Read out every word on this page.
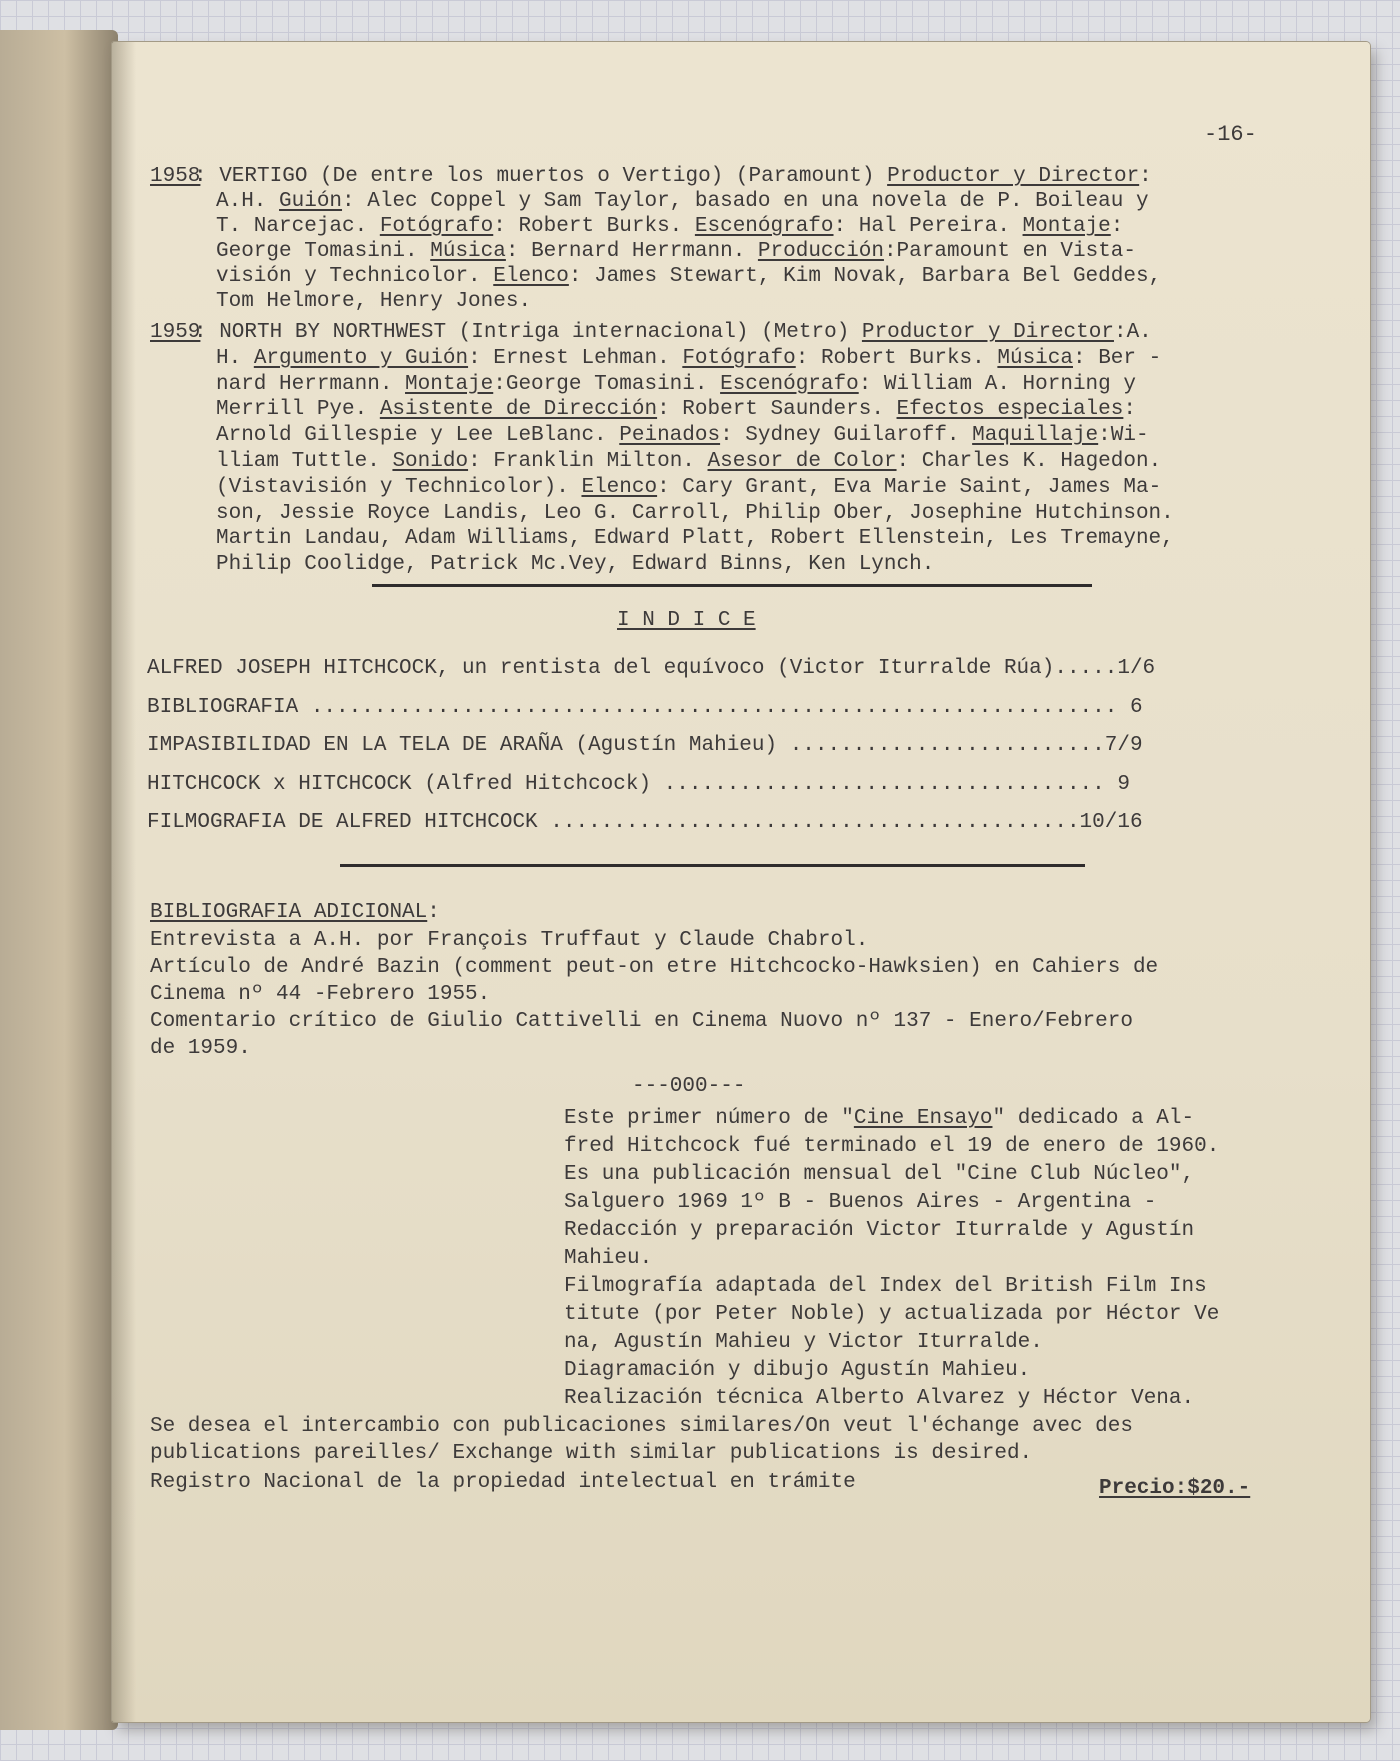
-16-
1958
: VERTIGO (De entre los muertos o Vertigo) (Paramount) Productor y Director:
A.H. Guión: Alec Coppel y Sam Taylor, basado en una novela de P. Boileau y
T. Narcejac. Fotógrafo: Robert Burks. Escenógrafo: Hal Pereira. Montaje:
George Tomasini. Música: Bernard Herrmann. Producción:Paramount en Vista-
visión y Technicolor. Elenco: James Stewart, Kim Novak, Barbara Bel Geddes,
Tom Helmore, Henry Jones.
1959
: NORTH BY NORTHWEST (Intriga internacional) (Metro) Productor y Director:A.
H. Argumento y Guión: Ernest Lehman. Fotógrafo: Robert Burks. Música: Ber -
nard Herrmann. Montaje:George Tomasini. Escenógrafo: William A. Horning y
Merrill Pye. Asistente de Dirección: Robert Saunders. Efectos especiales:
Arnold Gillespie y Lee LeBlanc. Peinados: Sydney Guilaroff. Maquillaje:Wi-
lliam Tuttle. Sonido: Franklin Milton. Asesor de Color: Charles K. Hagedon.
(Vistavisión y Technicolor). Elenco: Cary Grant, Eva Marie Saint, James Ma-
son, Jessie Royce Landis, Leo G. Carroll, Philip Ober, Josephine Hutchinson.
Martin Landau, Adam Williams, Edward Platt, Robert Ellenstein, Les Tremayne,
Philip Coolidge, Patrick Mc.Vey, Edward Binns, Ken Lynch.
I N D I C E
ALFRED JOSEPH HITCHCOCK, un rentista del equívoco (Victor Iturralde Rúa).....1/6
BIBLIOGRAFIA ................................................................ 6
IMPASIBILIDAD EN LA TELA DE ARAÑA (Agustín Mahieu) .........................7/9
HITCHCOCK x HITCHCOCK (Alfred Hitchcock) ................................... 9
FILMOGRAFIA DE ALFRED HITCHCOCK ..........................................10/16
BIBLIOGRAFIA ADICIONAL:
Entrevista a A.H. por François Truffaut y Claude Chabrol.
Artículo de André Bazin (comment peut-on etre Hitchcocko-Hawksien) en Cahiers de
Cinema nº 44 -Febrero 1955.
Comentario crítico de Giulio Cattivelli en Cinema Nuovo nº 137 - Enero/Febrero
de 1959.
---000---
Este primer número de "Cine Ensayo" dedicado a Al-
fred Hitchcock fué terminado el 19 de enero de 1960.
Es una publicación mensual del "Cine Club Núcleo",
Salguero 1969 1º B - Buenos Aires - Argentina -
Redacción y preparación Victor Iturralde y Agustín
Mahieu.
Filmografía adaptada del Index del British Film Ins
titute (por Peter Noble) y actualizada por Héctor Ve
na, Agustín Mahieu y Victor Iturralde.
Diagramación y dibujo Agustín Mahieu.
Realización técnica Alberto Alvarez y Héctor Vena.
Se desea el intercambio con publicaciones similares/On veut l'échange avec des
publications pareilles/ Exchange with similar publications is desired.
Registro Nacional de la propiedad intelectual en trámite	Precio:$20.-
